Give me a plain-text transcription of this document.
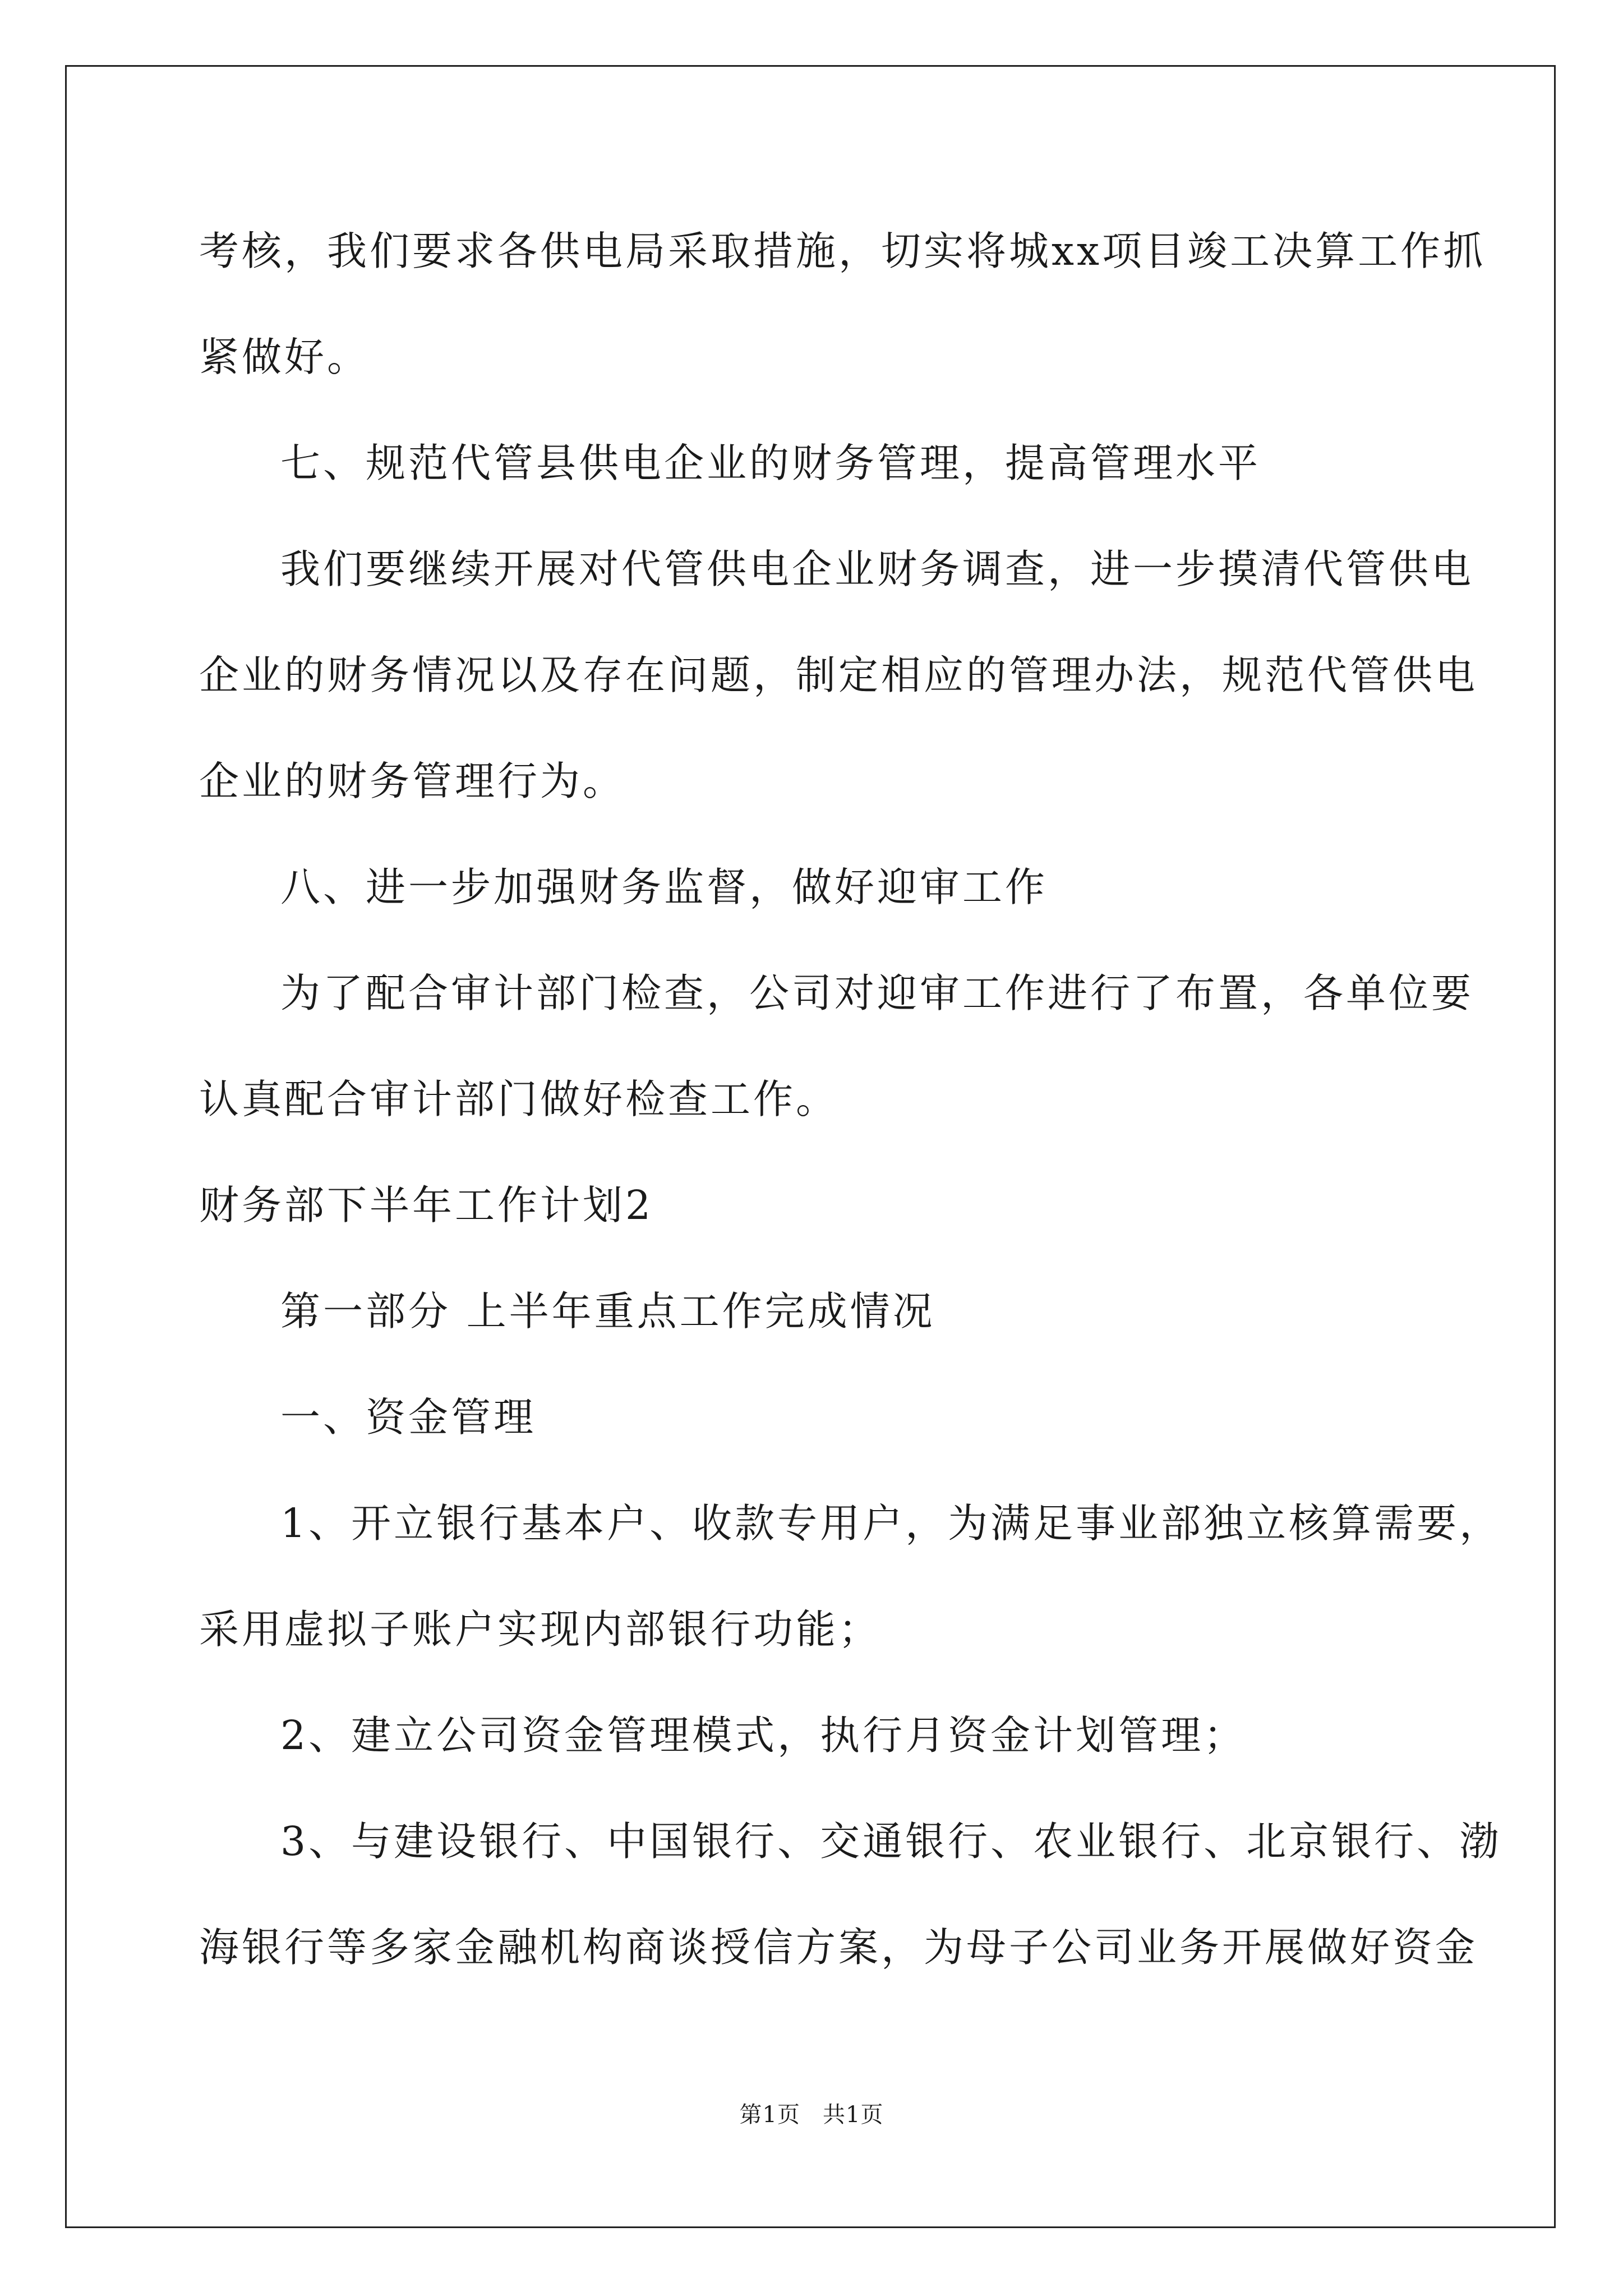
考核，我们要求各供电局采取措施，切实将城xx项目竣工决算工作抓
紧做好。
七、规范代管县供电企业的财务管理，提高管理水平
我们要继续开展对代管供电企业财务调查，进一步摸清代管供电
企业的财务情况以及存在问题，制定相应的管理办法，规范代管供电
企业的财务管理行为。
八、进一步加强财务监督，做好迎审工作
为了配合审计部门检查，公司对迎审工作进行了布置，各单位要
认真配合审计部门做好检查工作。
财务部下半年工作计划2
第一部分 上半年重点工作完成情况
一、资金管理
1、开立银行基本户、收款专用户，为满足事业部独立核算需要，
采用虚拟子账户实现内部银行功能；
2、建立公司资金管理模式，执行月资金计划管理；
3、与建设银行、中国银行、交通银行、农业银行、北京银行、渤
海银行等多家金融机构商谈授信方案，为母子公司业务开展做好资金
第1页 共1页
